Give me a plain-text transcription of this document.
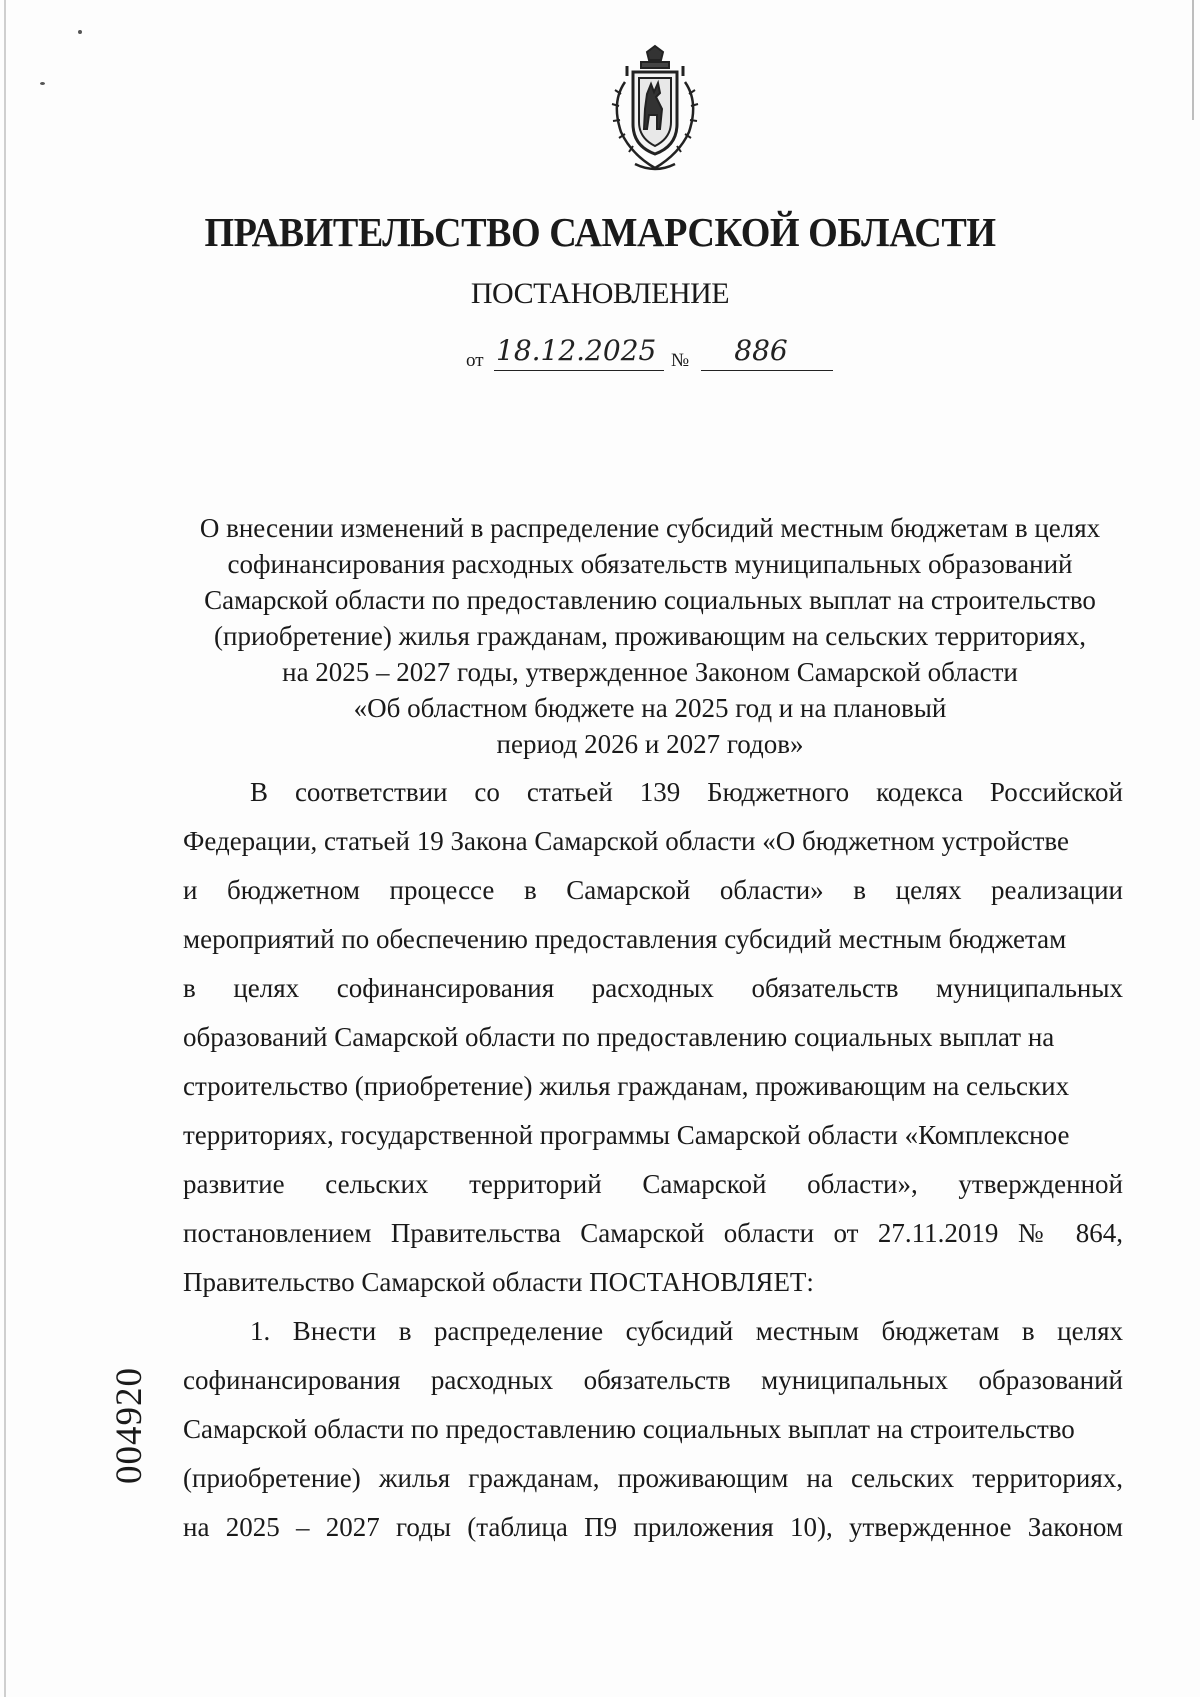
ПРАВИТЕЛЬСТВО САМАРСКОЙ ОБЛАСТИ
ПОСТАНОВЛЕНИЕ
от 18.12.2025 №	886
О внесении изменений в распределение субсидий местным бюджетам в целях
софинансирования расходных обязательств муниципальных образований
Самарской области по предоставлению социальных выплат на строительство
(приобретение) жилья гражданам, проживающим на сельских территориях,
на 2025 – 2027 годы, утвержденное Законом Самарской области
«Об областном бюджете на 2025 год и на плановый
период 2026 и 2027 годов»
В соответствии со статьей 139 Бюджетного кодекса Российской
Федерации, статьей 19 Закона Самарской области «О бюджетном устройстве
и бюджетном процессе в Самарской области» в целях реализации
мероприятий по обеспечению предоставления субсидий местным бюджетам
в целях софинансирования расходных обязательств муниципальных
образований Самарской области по предоставлению социальных выплат на
строительство (приобретение) жилья гражданам, проживающим на сельских
территориях, государственной программы Самарской области «Комплексное
развитие сельских территорий Самарской области», утвержденной
постановлением Правительства Самарской области от 27.11.2019 № 864,
Правительство Самарской области ПОСТАНОВЛЯЕТ:
1. Внести в распределение субсидий местным бюджетам в целях
софинансирования расходных обязательств муниципальных образований
Самарской области по предоставлению социальных выплат на строительство
(приобретение) жилья гражданам, проживающим на сельских территориях,
на 2025 – 2027 годы (таблица П9 приложения 10), утвержденное Законом
004920
